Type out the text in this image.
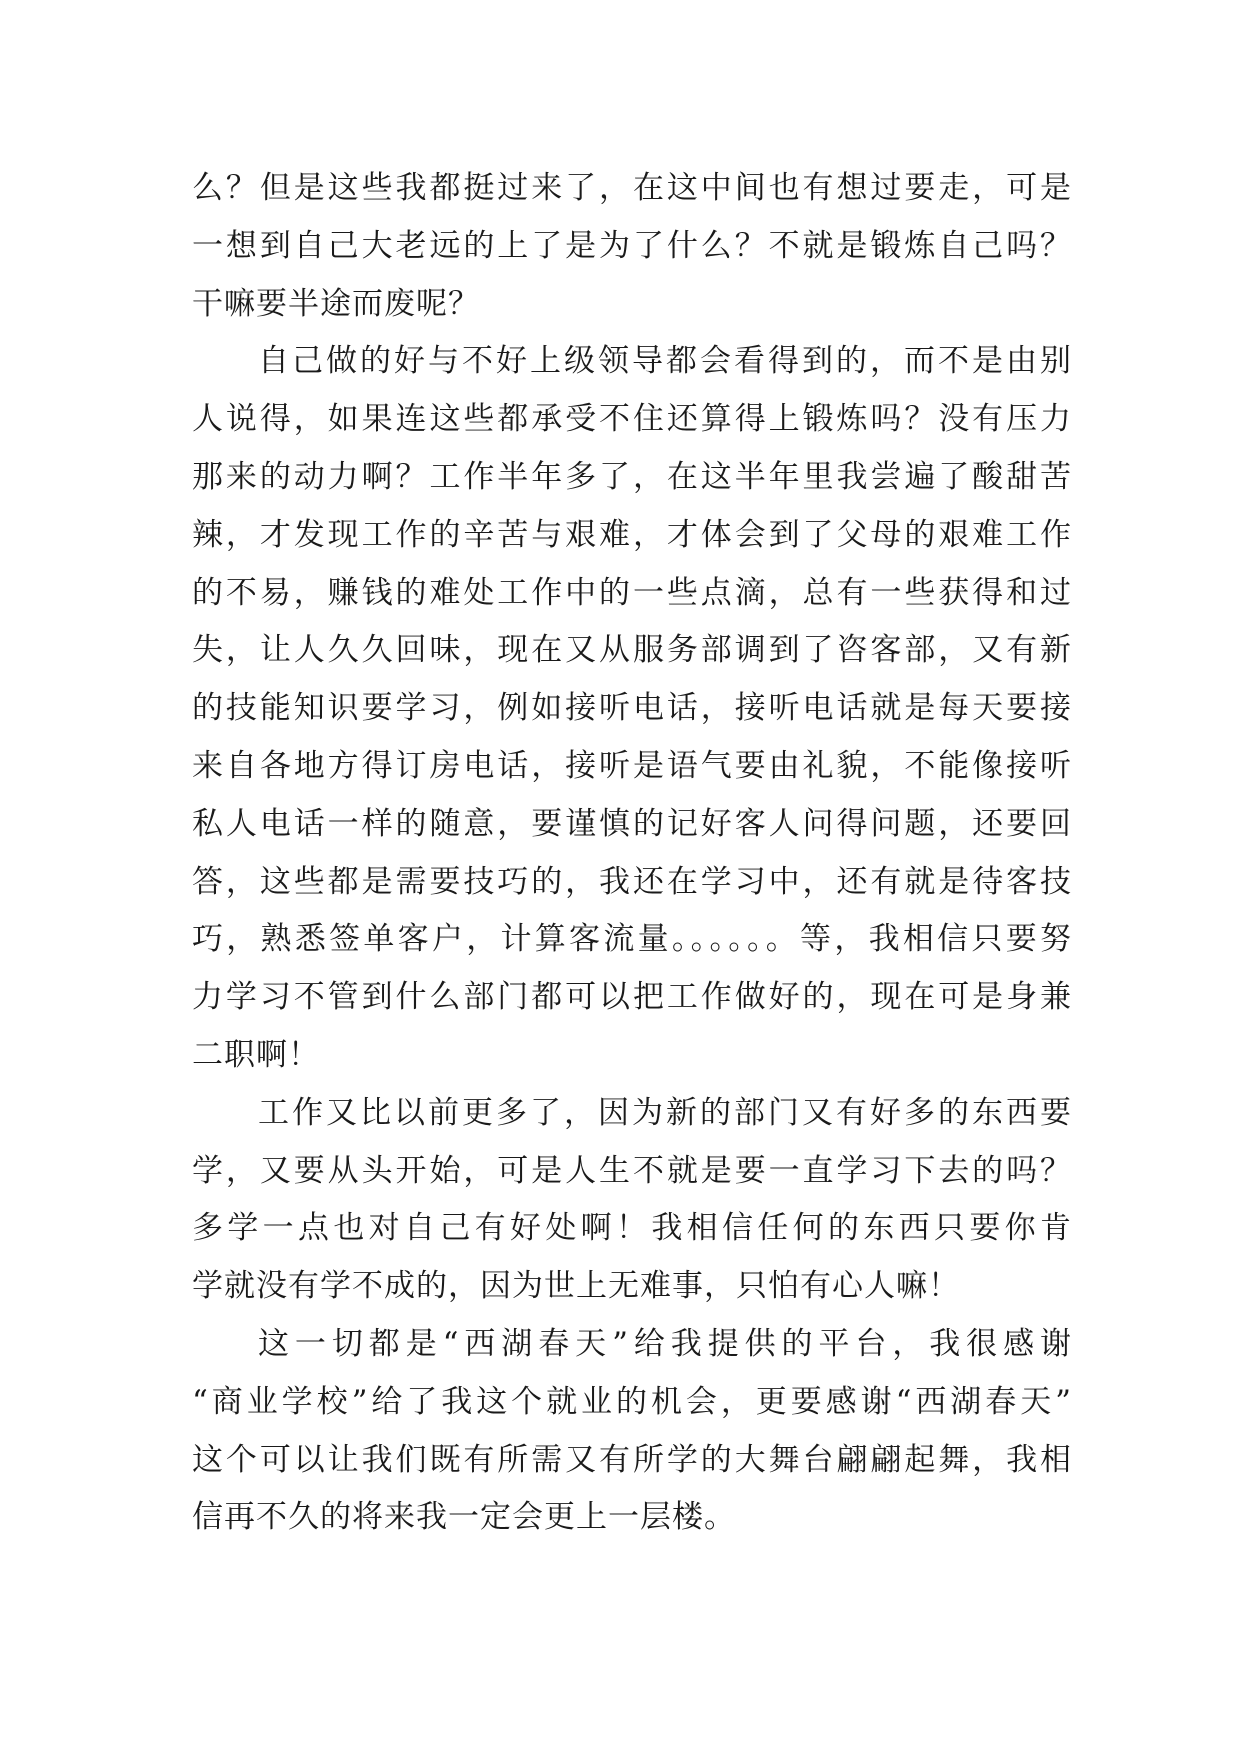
么？但是这些我都挺过来了，在这中间也有想过要走，可是
一想到自己大老远的上了是为了什么？不就是锻炼自己吗？
干嘛要半途而废呢？
自己做的好与不好上级领导都会看得到的，而不是由别
人说得，如果连这些都承受不住还算得上锻炼吗？没有压力
那来的动力啊？工作半年多了，在这半年里我尝遍了酸甜苦
辣，才发现工作的辛苦与艰难，才体会到了父母的艰难工作
的不易，赚钱的难处工作中的一些点滴，总有一些获得和过
失，让人久久回味，现在又从服务部调到了咨客部，又有新
的技能知识要学习，例如接听电话，接听电话就是每天要接
来自各地方得订房电话，接听是语气要由礼貌，不能像接听
私人电话一样的随意，要谨慎的记好客人问得问题，还要回
答，这些都是需要技巧的，我还在学习中，还有就是待客技
巧，熟悉签单客户，计算客流量。。。。。。等，我相信只要努
力学习不管到什么部门都可以把工作做好的，现在可是身兼
二职啊！
工作又比以前更多了，因为新的部门又有好多的东西要
学，又要从头开始，可是人生不就是要一直学习下去的吗？
多学一点也对自己有好处啊！我相信任何的东西只要你肯
学就没有学不成的，因为世上无难事，只怕有心人嘛！
这一切都是“西湖春天”给我提供的平台，我很感谢
“商业学校”给了我这个就业的机会，更要感谢“西湖春天”
这个可以让我们既有所需又有所学的大舞台翩翩起舞，我相
信再不久的将来我一定会更上一层楼。
